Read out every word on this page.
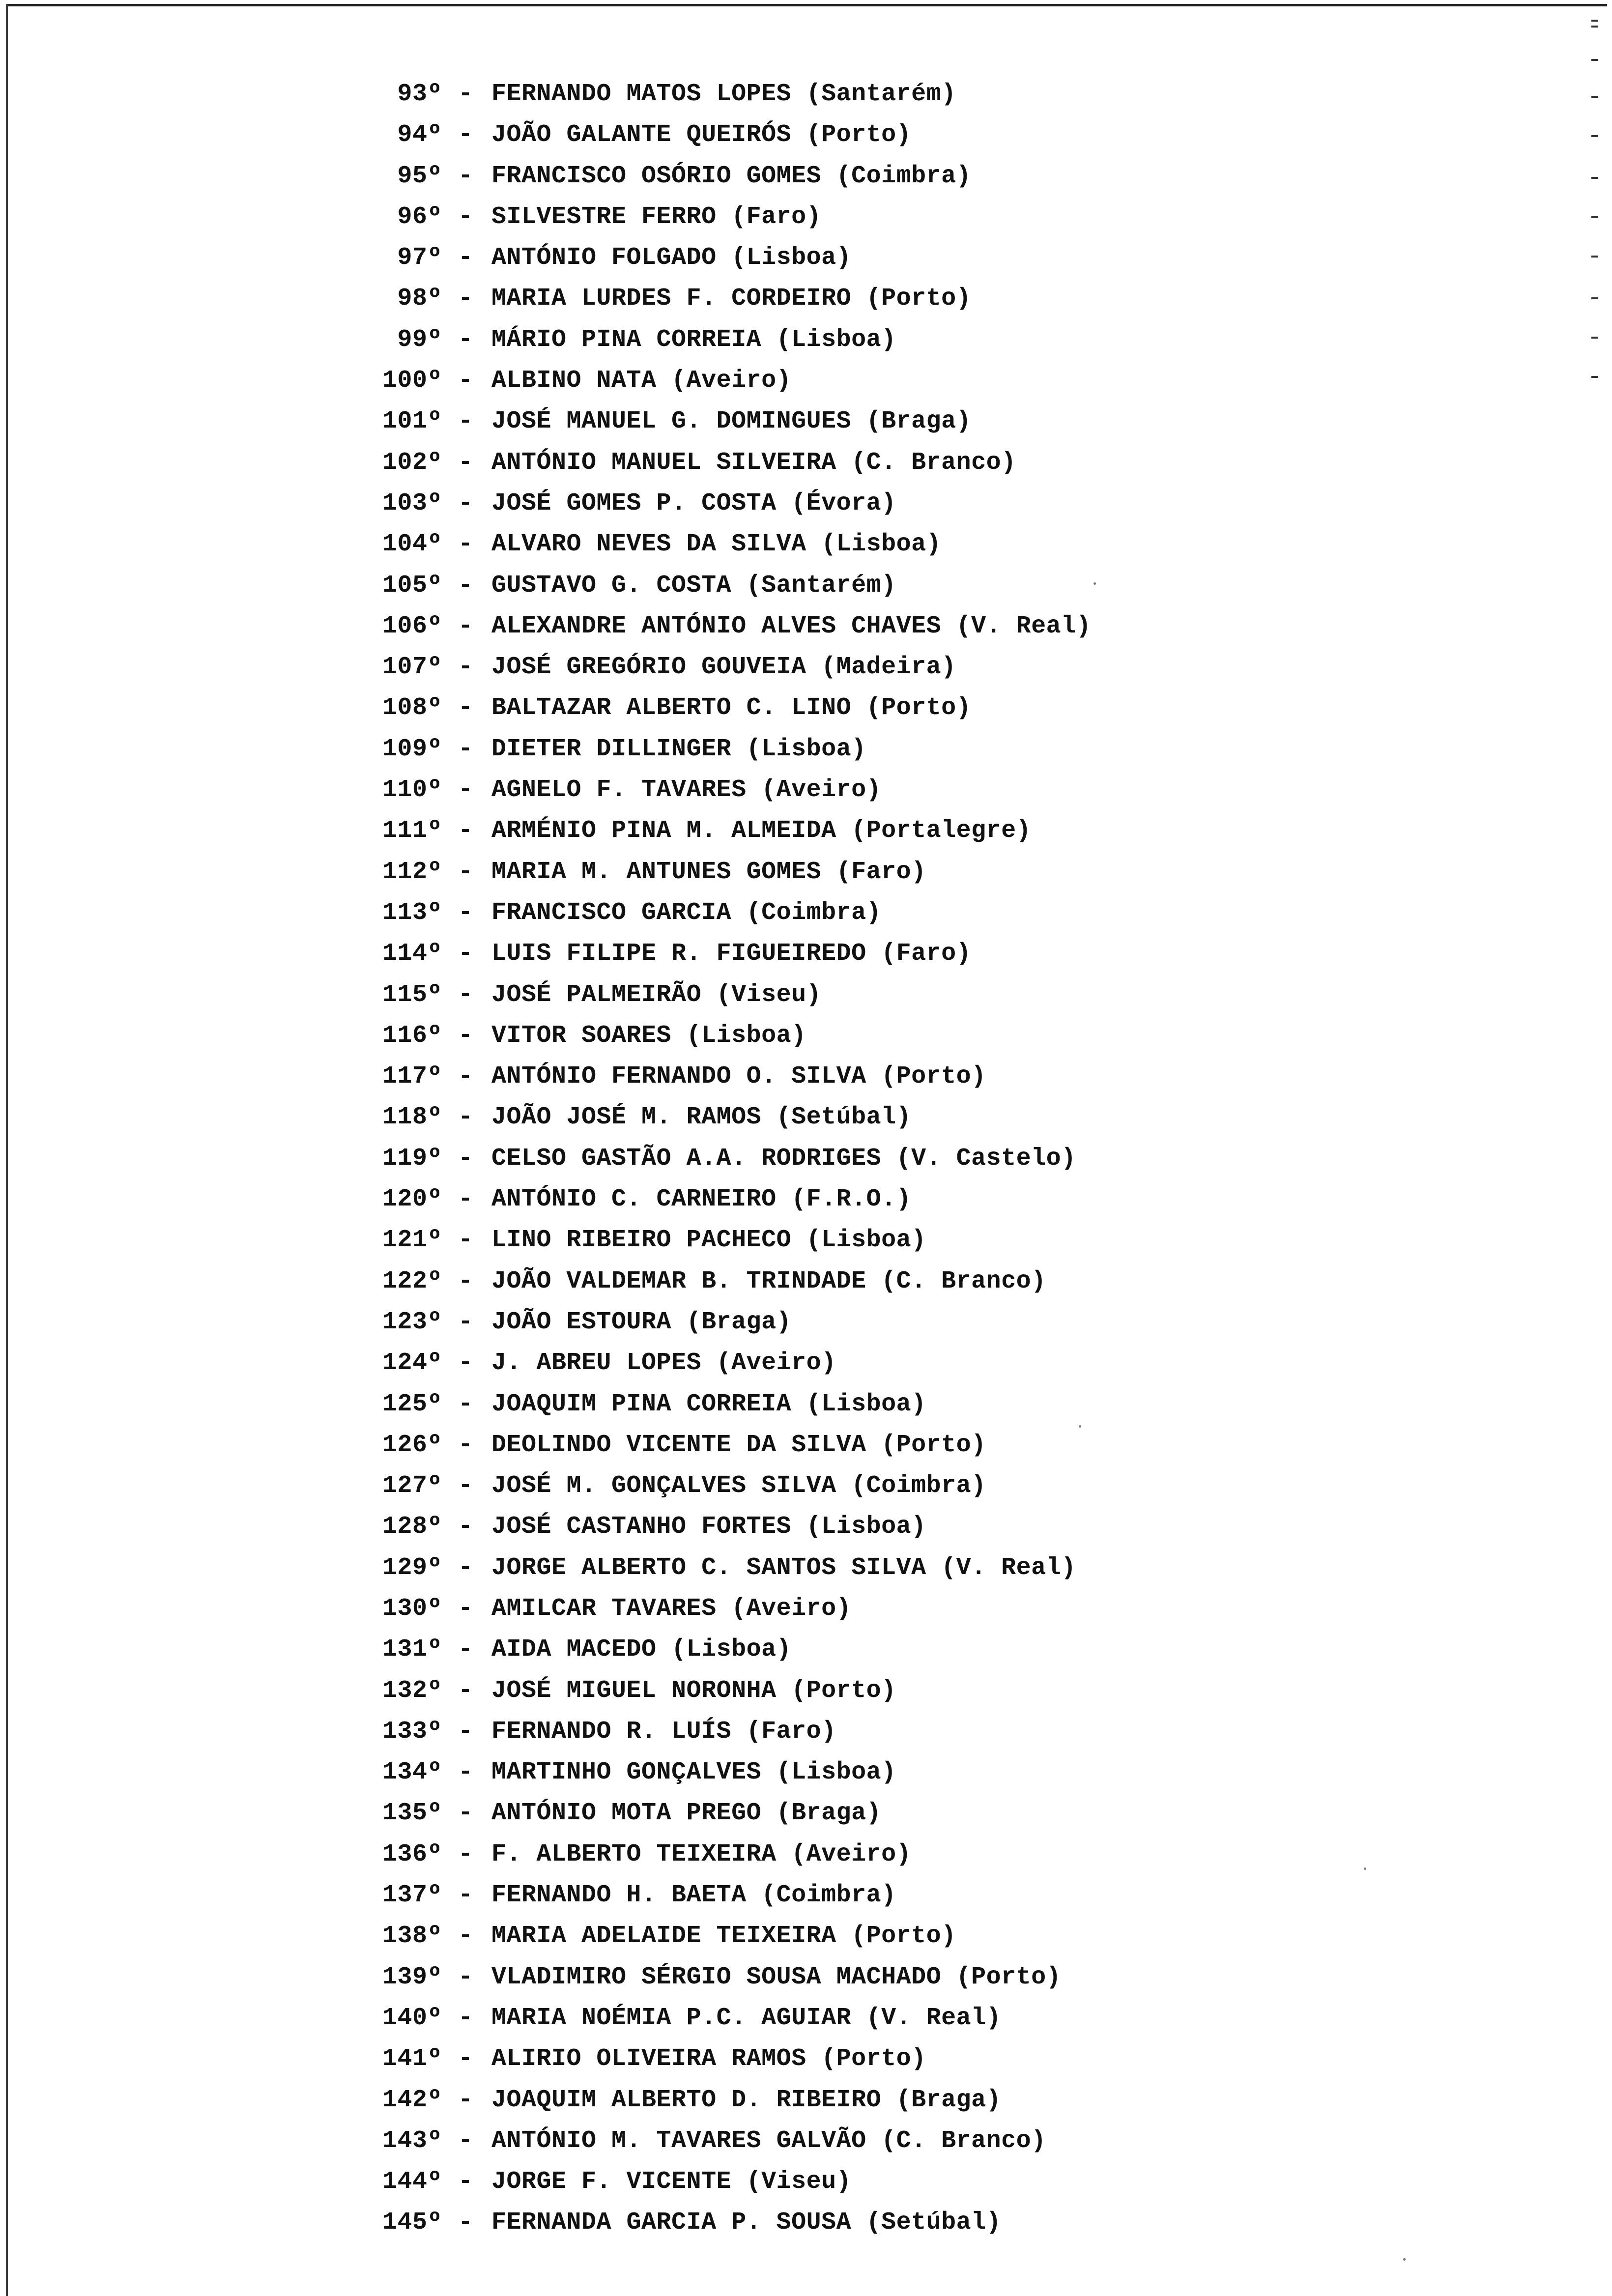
93º - FERNANDO MATOS LOPES (Santarém)
94º - JOÃO GALANTE QUEIRÓS (Porto)
95º - FRANCISCO OSÓRIO GOMES (Coimbra)
96º - SILVESTRE FERRO (Faro)
97º - ANTÓNIO FOLGADO (Lisboa)
98º - MARIA LURDES F. CORDEIRO (Porto)
99º - MÁRIO PINA CORREIA (Lisboa)
100º - ALBINO NATA (Aveiro)
101º - JOSÉ MANUEL G. DOMINGUES (Braga)
102º - ANTÓNIO MANUEL SILVEIRA (C. Branco)
103º - JOSÉ GOMES P. COSTA (Évora)
104º - ALVARO NEVES DA SILVA (Lisboa)
105º - GUSTAVO G. COSTA (Santarém)
106º - ALEXANDRE ANTÓNIO ALVES CHAVES (V. Real)
107º - JOSÉ GREGÓRIO GOUVEIA (Madeira)
108º - BALTAZAR ALBERTO C. LINO (Porto)
109º - DIETER DILLINGER (Lisboa)
110º - AGNELO F. TAVARES (Aveiro)
111º - ARMÉNIO PINA M. ALMEIDA (Portalegre)
112º - MARIA M. ANTUNES GOMES (Faro)
113º - FRANCISCO GARCIA (Coimbra)
114º - LUIS FILIPE R. FIGUEIREDO (Faro)
115º - JOSÉ PALMEIRÃO (Viseu)
116º - VITOR SOARES (Lisboa)
117º - ANTÓNIO FERNANDO O. SILVA (Porto)
118º - JOÃO JOSÉ M. RAMOS (Setúbal)
119º - CELSO GASTÃO A.A. RODRIGES (V. Castelo)
120º - ANTÓNIO C. CARNEIRO (F.R.O.)
121º - LINO RIBEIRO PACHECO (Lisboa)
122º - JOÃO VALDEMAR B. TRINDADE (C. Branco)
123º - JOÃO ESTOURA (Braga)
124º - J. ABREU LOPES (Aveiro)
125º - JOAQUIM PINA CORREIA (Lisboa)
126º - DEOLINDO VICENTE DA SILVA (Porto)
127º - JOSÉ M. GONÇALVES SILVA (Coimbra)
128º - JOSÉ CASTANHO FORTES (Lisboa)
129º - JORGE ALBERTO C. SANTOS SILVA (V. Real)
130º - AMILCAR TAVARES (Aveiro)
131º - AIDA MACEDO (Lisboa)
132º - JOSÉ MIGUEL NORONHA (Porto)
133º - FERNANDO R. LUÍS (Faro)
134º - MARTINHO GONÇALVES (Lisboa)
135º - ANTÓNIO MOTA PREGO (Braga)
136º - F. ALBERTO TEIXEIRA (Aveiro)
137º - FERNANDO H. BAETA (Coimbra)
138º - MARIA ADELAIDE TEIXEIRA (Porto)
139º - VLADIMIRO SÉRGIO SOUSA MACHADO (Porto)
140º - MARIA NOÉMIA P.C. AGUIAR (V. Real)
141º - ALIRIO OLIVEIRA RAMOS (Porto)
142º - JOAQUIM ALBERTO D. RIBEIRO (Braga)
143º - ANTÓNIO M. TAVARES GALVÃO (C. Branco)
144º - JORGE F. VICENTE (Viseu)
145º - FERNANDA GARCIA P. SOUSA (Setúbal)
